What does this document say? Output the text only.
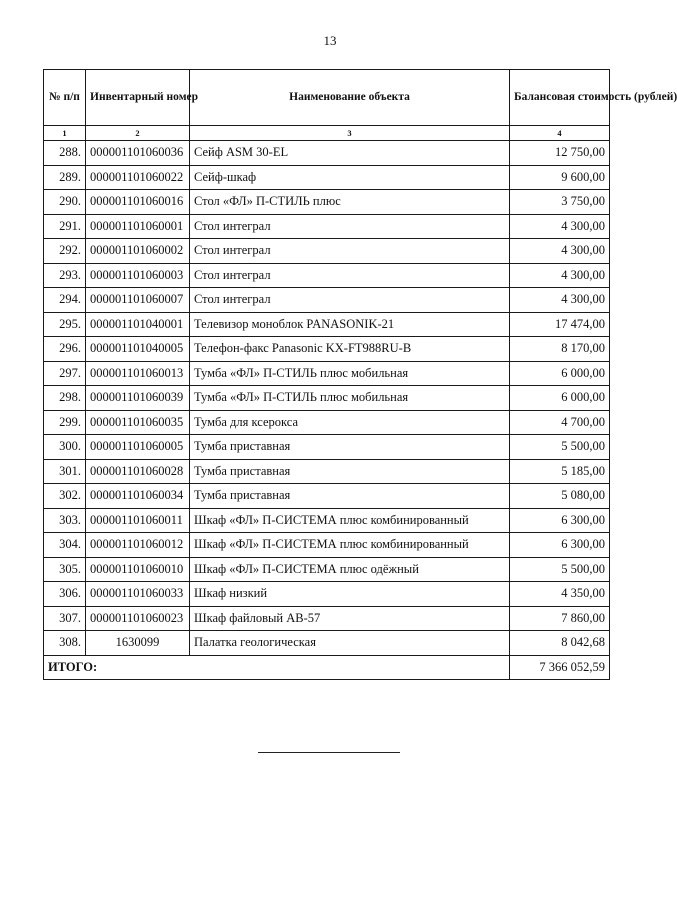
13
№ п/п	Инвентарный номер	Наименование объекта	Балансовая стоимость (рублей)
1	2	3	4
288.	000001101060036	Сейф ASM 30-EL	12 750,00
289.	000001101060022	Сейф-шкаф	9 600,00
290.	000001101060016	Стол «ФЛ» П-СТИЛЬ плюс	3 750,00
291.	000001101060001	Стол интеграл	4 300,00
292.	000001101060002	Стол интеграл	4 300,00
293.	000001101060003	Стол интеграл	4 300,00
294.	000001101060007	Стол интеграл	4 300,00
295.	000001101040001	Телевизор моноблок PANASONIK-21	17 474,00
296.	000001101040005	Телефон-факс Panasonic KX-FT988RU-B	8 170,00
297.	000001101060013	Тумба «ФЛ» П-СТИЛЬ плюс мобильная	6 000,00
298.	000001101060039	Тумба «ФЛ» П-СТИЛЬ плюс мобильная	6 000,00
299.	000001101060035	Тумба для ксерокса	4 700,00
300.	000001101060005	Тумба приставная	5 500,00
301.	000001101060028	Тумба приставная	5 185,00
302.	000001101060034	Тумба приставная	5 080,00
303.	000001101060011	Шкаф «ФЛ» П-СИСТЕМА плюс комбинированный	6 300,00
304.	000001101060012	Шкаф «ФЛ» П-СИСТЕМА плюс комбинированный	6 300,00
305.	000001101060010	Шкаф «ФЛ» П-СИСТЕМА плюс одёжный	5 500,00
306.	000001101060033	Шкаф низкий	4 350,00
307.	000001101060023	Шкаф файловый АВ-57	7 860,00
308.	1630099	Палатка геологическая	8 042,68
ИТОГО:			7 366 052,59
